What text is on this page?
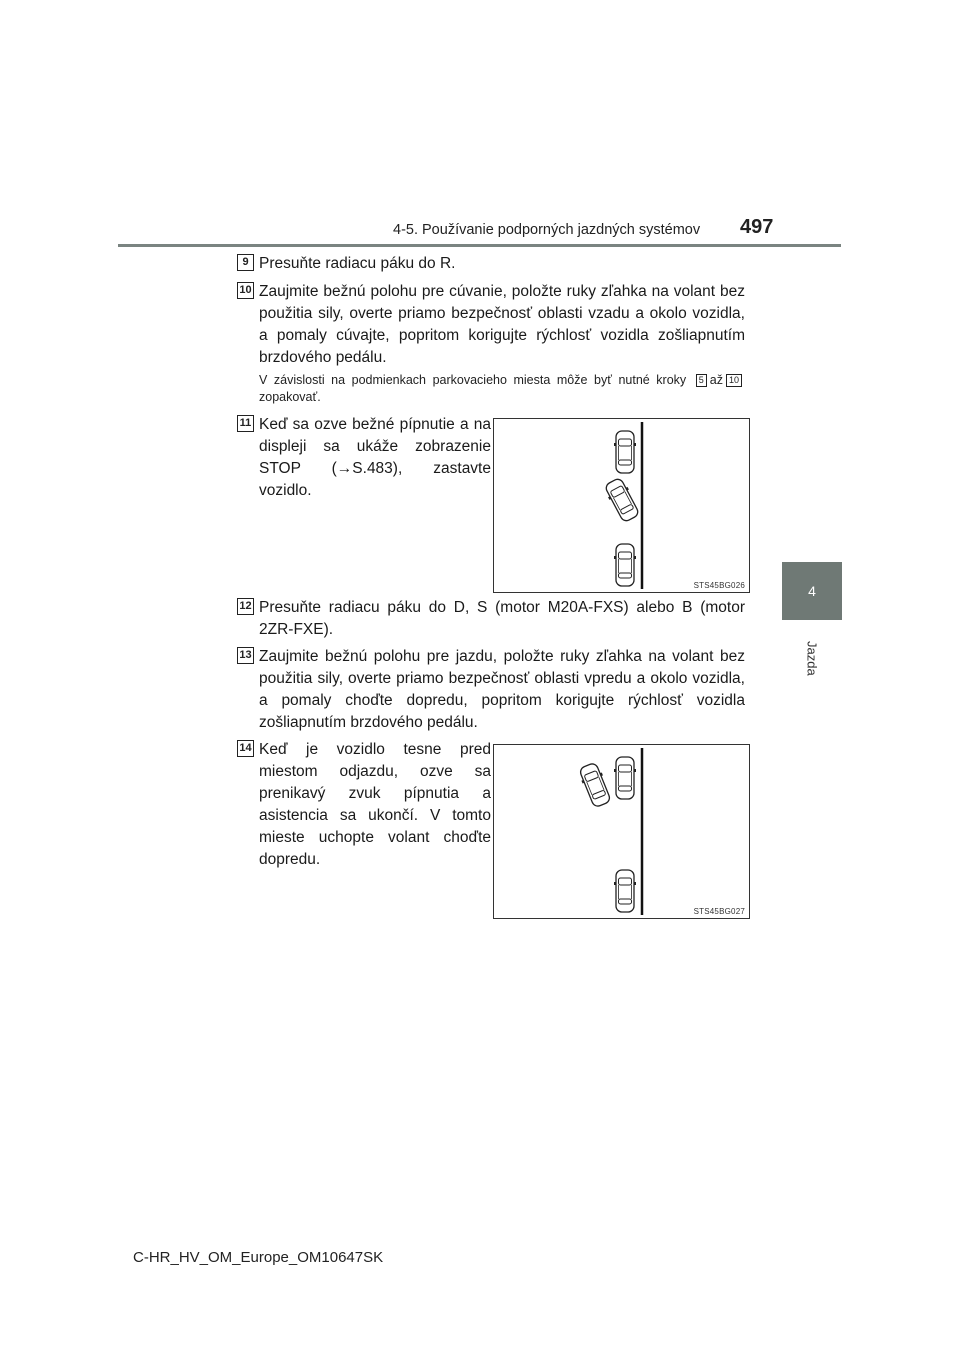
4-5. Používanie podporných jazdných systémov 497
4
Jazda
9 Presuňte radiacu páku do R.
10 Zaujmite bežnú polohu pre cúvanie, položte ruky zľahka na volant bez použitia sily, overte priamo bezpečnosť oblasti vzadu a okolo vozidla, a pomaly cúvajte, popritom korigujte rýchlosť vozidla zošliapnutím brzdového pedálu.
V závislosti na podmienkach parkovacieho miesta môže byť nutné kroky 5 až 10zopakovať.
11 Keď sa ozve bežné pípnutie a na displeji sa ukáže zobrazenie STOP (→S.483), zastavte vozidlo.
STS45BG026
12 Presuňte radiacu páku do D, S (motor M20A-FXS) alebo B (motor 2ZR-FXE).
13 Zaujmite bežnú polohu pre jazdu, položte ruky zľahka na volant bez použitia sily, overte priamo bezpečnosť oblasti vpredu a okolo vozidla, a pomaly choďte dopredu, popritom korigujte rýchlosť vozidla zošliapnutím brzdového pedálu.
14 Keď je vozidlo tesne pred miestom odjazdu, ozve sa prenikavý zvuk pípnutia a asistencia sa ukončí. V tomto mieste uchopte volant choďte dopredu.
STS45BG027
C-HR_HV_OM_Europe_OM10647SK
